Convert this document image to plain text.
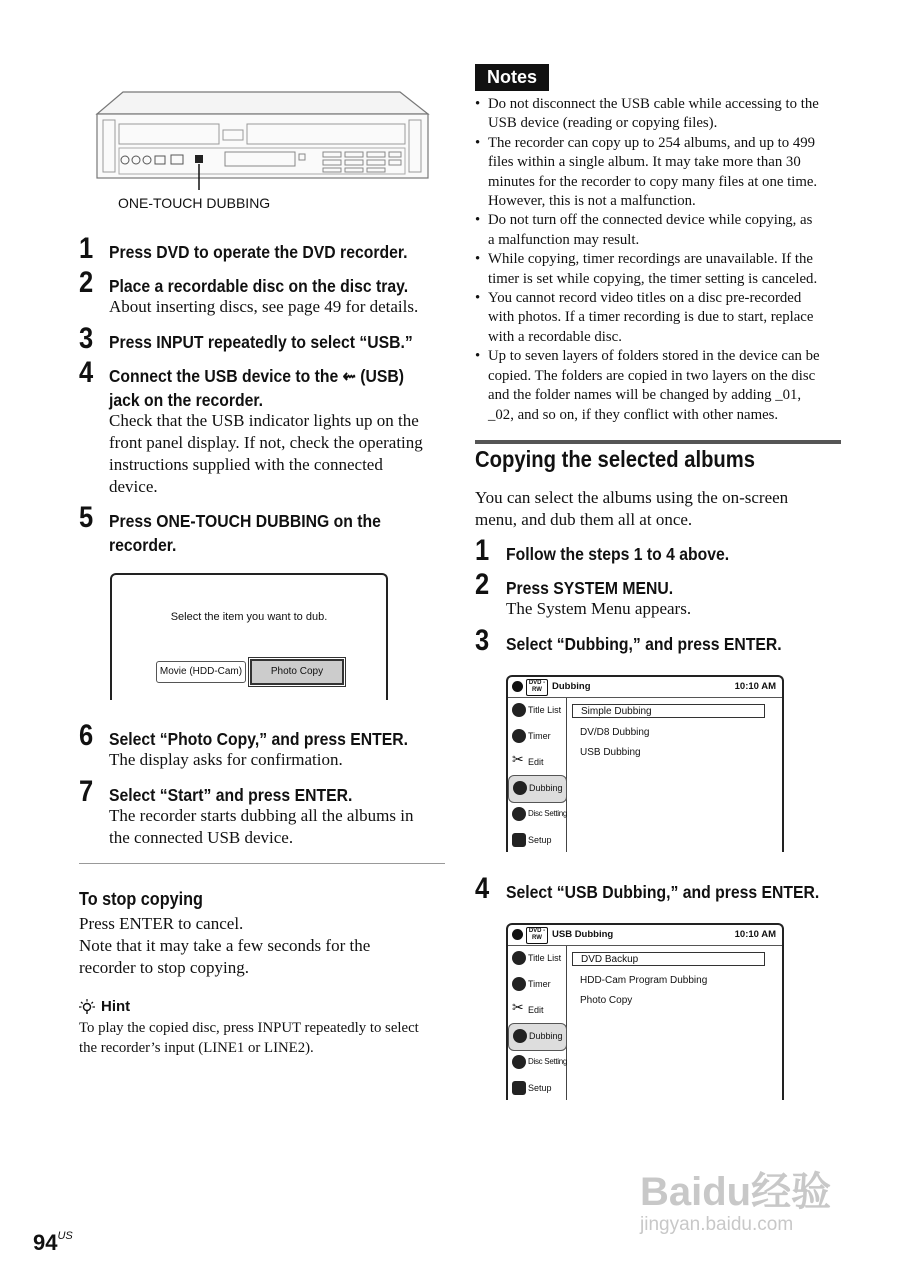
ONE-TOUCH DUBBING
1 Press DVD to operate the DVD recorder.
2 Place a recordable disc on the disc tray.
About inserting discs, see page 49 for details.
3 Press INPUT repeatedly to select “USB.”
4 Connect the USB device to the ⇜ (USB)
jack on the recorder.
Check that the USB indicator lights up on the
front panel display. If not, check the operating
instructions supplied with the connected
device.
5 Press ONE-TOUCH DUBBING on the
recorder.
Select the item you want to dub.
Movie (HDD-Cam)	Photo Copy
6 Select “Photo Copy,” and press ENTER.
The display asks for confirmation.
7 Select “Start” and press ENTER.
The recorder starts dubbing all the albums in
the connected USB device.
To stop copying
Press ENTER to cancel.
Note that it may take a few seconds for the
recorder to stop copying.
Hint
To play the copied disc, press INPUT repeatedly to select
the recorder’s input (LINE1 or LINE2).
Notes
• Do not disconnect the USB cable while accessing to the
USB device (reading or copying files).
• The recorder can copy up to 254 albums, and up to 499
files within a single album. It may take more than 30
minutes for the recorder to copy many files at one time.
However, this is not a malfunction.
• Do not turn off the connected device while copying, as
a malfunction may result.
• While copying, timer recordings are unavailable. If the
timer is set while copying, the timer setting is canceled.
• You cannot record video titles on a disc pre-recorded
with photos. If a timer recording is due to start, replace
with a recordable disc.
• Up to seven layers of folders stored in the device can be
copied. The folders are copied in two layers on the disc
and the folder names will be changed by adding _01,
_02, and so on, if they conflict with other names.
Copying the selected albums
You can select the albums using the on-screen
menu, and dub them all at once.
1 Follow the steps 1 to 4 above.
2 Press SYSTEM MENU.
The System Menu appears.
3 Select “Dubbing,” and press ENTER.
DVD -RW	Dubbing	10:10 AM
Title List
Timer
✂ Edit
Dubbing
Disc Setting
Setup
Simple Dubbing
DV/D8 Dubbing
USB Dubbing
4 Select “USB Dubbing,” and press ENTER.
DVD -RW	USB Dubbing	10:10 AM
Title List
Timer
✂ Edit
Dubbing
Disc Setting
Setup
DVD Backup
HDD-Cam Program Dubbing
Photo Copy
$94^{US}$
Baidu经验
jingyan.baidu.com
